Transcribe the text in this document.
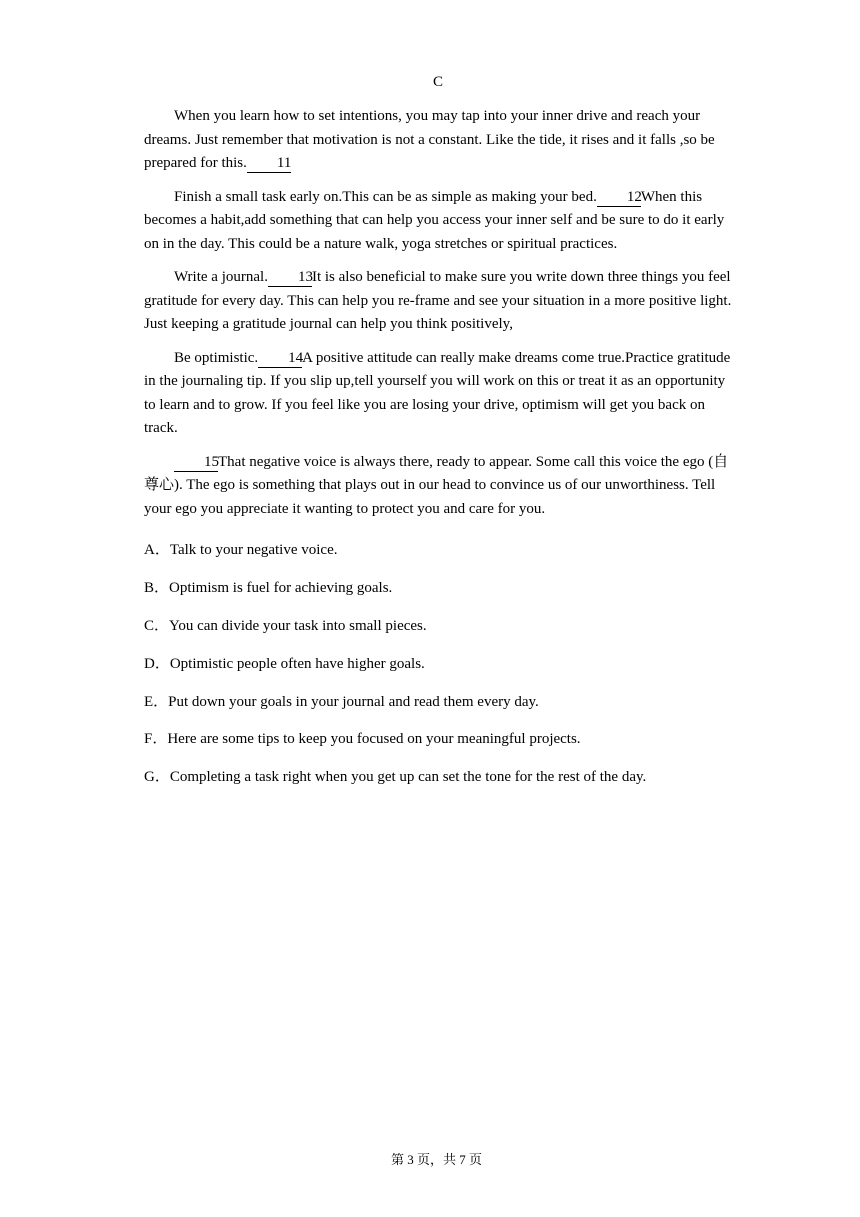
C

When you learn how to set intentions, you may tap into your inner drive and reach your dreams. Just remember that motivation is not a constant. Like the tide, it rises and it falls ,so be prepared for this. 11

Finish a small task early on.This can be as simple as making your bed. 12When this becomes a habit,add something that can help you access your inner self and be sure to do it early on in the day. This could be a nature walk, yoga stretches or spiritual practices.

Write a journal. 13It is also beneficial to make sure you write down three things you feel gratitude for every day. This can help you re-frame and see your situation in a more positive light. Just keeping a gratitude journal can help you think positively,

Be optimistic. 14A positive attitude can really make dreams come true.Practice gratitude in the journaling tip. If you slip up,tell yourself you will work on this or treat it as an opportunity to learn and to grow. If you feel like you are losing your drive, optimism will get you back on track.

15That negative voice is always there, ready to appear. Some call this voice the ego (自尊心). The ego is something that plays out in our head to convince us of our unworthiness. Tell your ego you appreciate it wanting to protect you and care for you.

A．Talk to your negative voice.
B．Optimism is fuel for achieving goals.
C．You can divide your task into small pieces.
D．Optimistic people often have higher goals.
E．Put down your goals in your journal and read them every day.
F．Here are some tips to keep you focused on your meaningful projects.
G．Completing a task right when you get up can set the tone for the rest of the day.
第 3 页，共 7 页
